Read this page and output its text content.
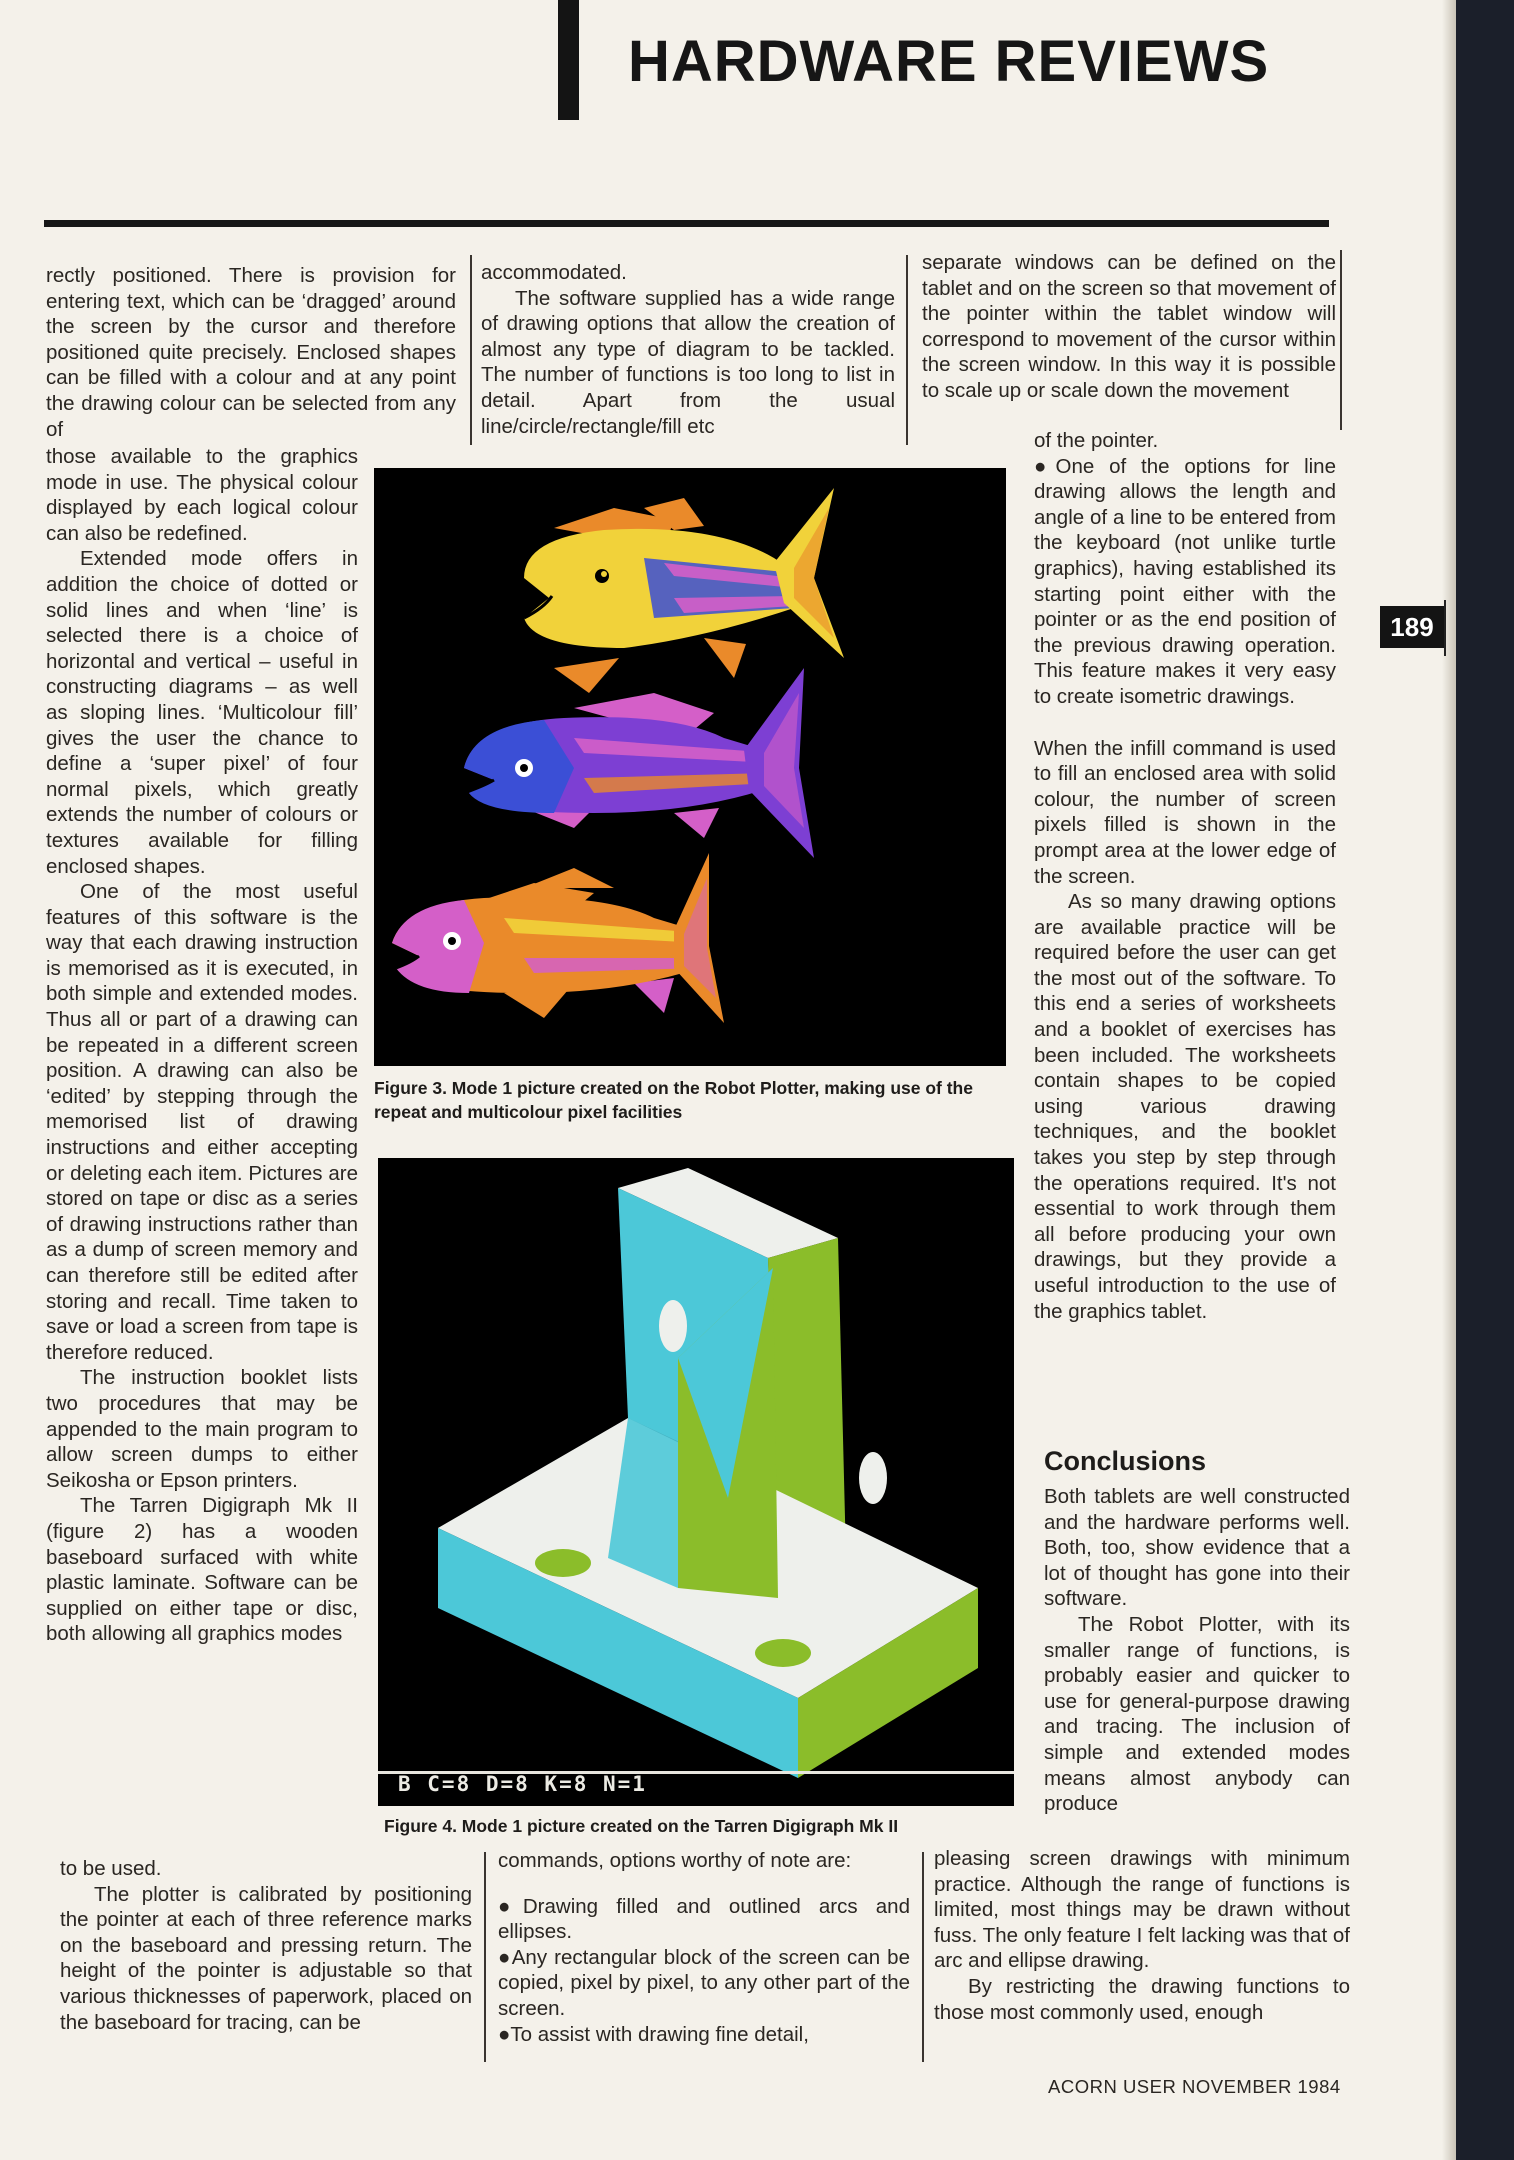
HARDWARE REVIEWS

rectly positioned. There is provision for entering text, which can be ‘dragged’ around the screen by the cursor and therefore positioned quite precisely. Enclosed shapes can be filled with a colour and at any point the drawing colour can be selected from any of

accommodated.

The software supplied has a wide range of drawing options that allow the creation of almost any type of diagram to be tackled. The number of functions is too long to list in detail. Apart from the usual line/circle/rectangle/fill etc

separate windows can be defined on the tablet and on the screen so that movement of the pointer within the tablet window will correspond to movement of the cursor within the screen window. In this way it is possible to scale up or scale down the movement

those available to the graphics mode in use. The physical colour displayed by each logical colour can also be redefined.

Extended mode offers in addition the choice of dotted or solid lines and when ‘line’ is selected there is a choice of horizontal and vertical – useful in constructing diagrams – as well as sloping lines. ‘Multicolour fill’ gives the user the chance to define a ‘super pixel’ of four normal pixels, which greatly extends the number of colours or textures available for filling enclosed shapes.

One of the most useful features of this software is the way that each drawing instruction is memorised as it is executed, in both simple and extended modes. Thus all or part of a drawing can be repeated in a different screen position. A drawing can also be ‘edited’ by stepping through the memorised list of drawing instructions and either accepting or deleting each item. Pictures are stored on tape or disc as a series of drawing instructions rather than as a dump of screen memory and can therefore still be edited after storing and recall. Time taken to save or load a screen from tape is therefore reduced.

The instruction booklet lists two procedures that may be appended to the main program to allow screen dumps to either Seikosha or Epson printers.

The Tarren Digigraph Mk II (figure 2) has a wooden baseboard surfaced with white plastic laminate. Software can be supplied on either tape or disc, both allowing all graphics modes

Figure 3. Mode 1 picture created on the Robot Plotter, making use of the repeat and multicolour pixel facilities
B C=8 D=8 K=8 N=1
Figure 4. Mode 1 picture created on the Tarren Digigraph Mk II

of the pointer.

●One of the options for line drawing allows the length and angle of a line to be entered from the keyboard (not unlike turtle graphics), having established its starting point either with the pointer or as the end position of the previous drawing operation. This feature makes it very easy to create isometric drawings.

When the infill command is used to fill an enclosed area with solid colour, the number of screen pixels filled is shown in the prompt area at the lower edge of the screen.

As so many drawing options are available practice will be required before the user can get the most out of the software. To this end a series of worksheets and a booklet of exercises has been included. The worksheets contain shapes to be copied using various drawing techniques, and the booklet takes you step by step through the operations required. It's not essential to work through them all before producing your own drawings, but they provide a useful introduction to the use of the graphics tablet.

189
Conclusions

Both tablets are well constructed and the hardware performs well. Both, too, show evidence that a lot of thought has gone into their software.

The Robot Plotter, with its smaller range of functions, is probably easier and quicker to use for general-purpose drawing and tracing. The inclusion of simple and extended modes means almost anybody can produce

to be used.

The plotter is calibrated by positioning the pointer at each of three reference marks on the baseboard and pressing return. The height of the pointer is adjustable so that various thicknesses of paperwork, placed on the baseboard for tracing, can be

commands, options worthy of note are:

●Drawing filled and outlined arcs and ellipses.

●Any rectangular block of the screen can be copied, pixel by pixel, to any other part of the screen.

●To assist with drawing fine detail,

pleasing screen drawings with minimum practice. Although the range of functions is limited, most things may be drawn without fuss. The only feature I felt lacking was that of arc and ellipse drawing.

By restricting the drawing functions to those most commonly used, enough

ACORN USER NOVEMBER 1984
